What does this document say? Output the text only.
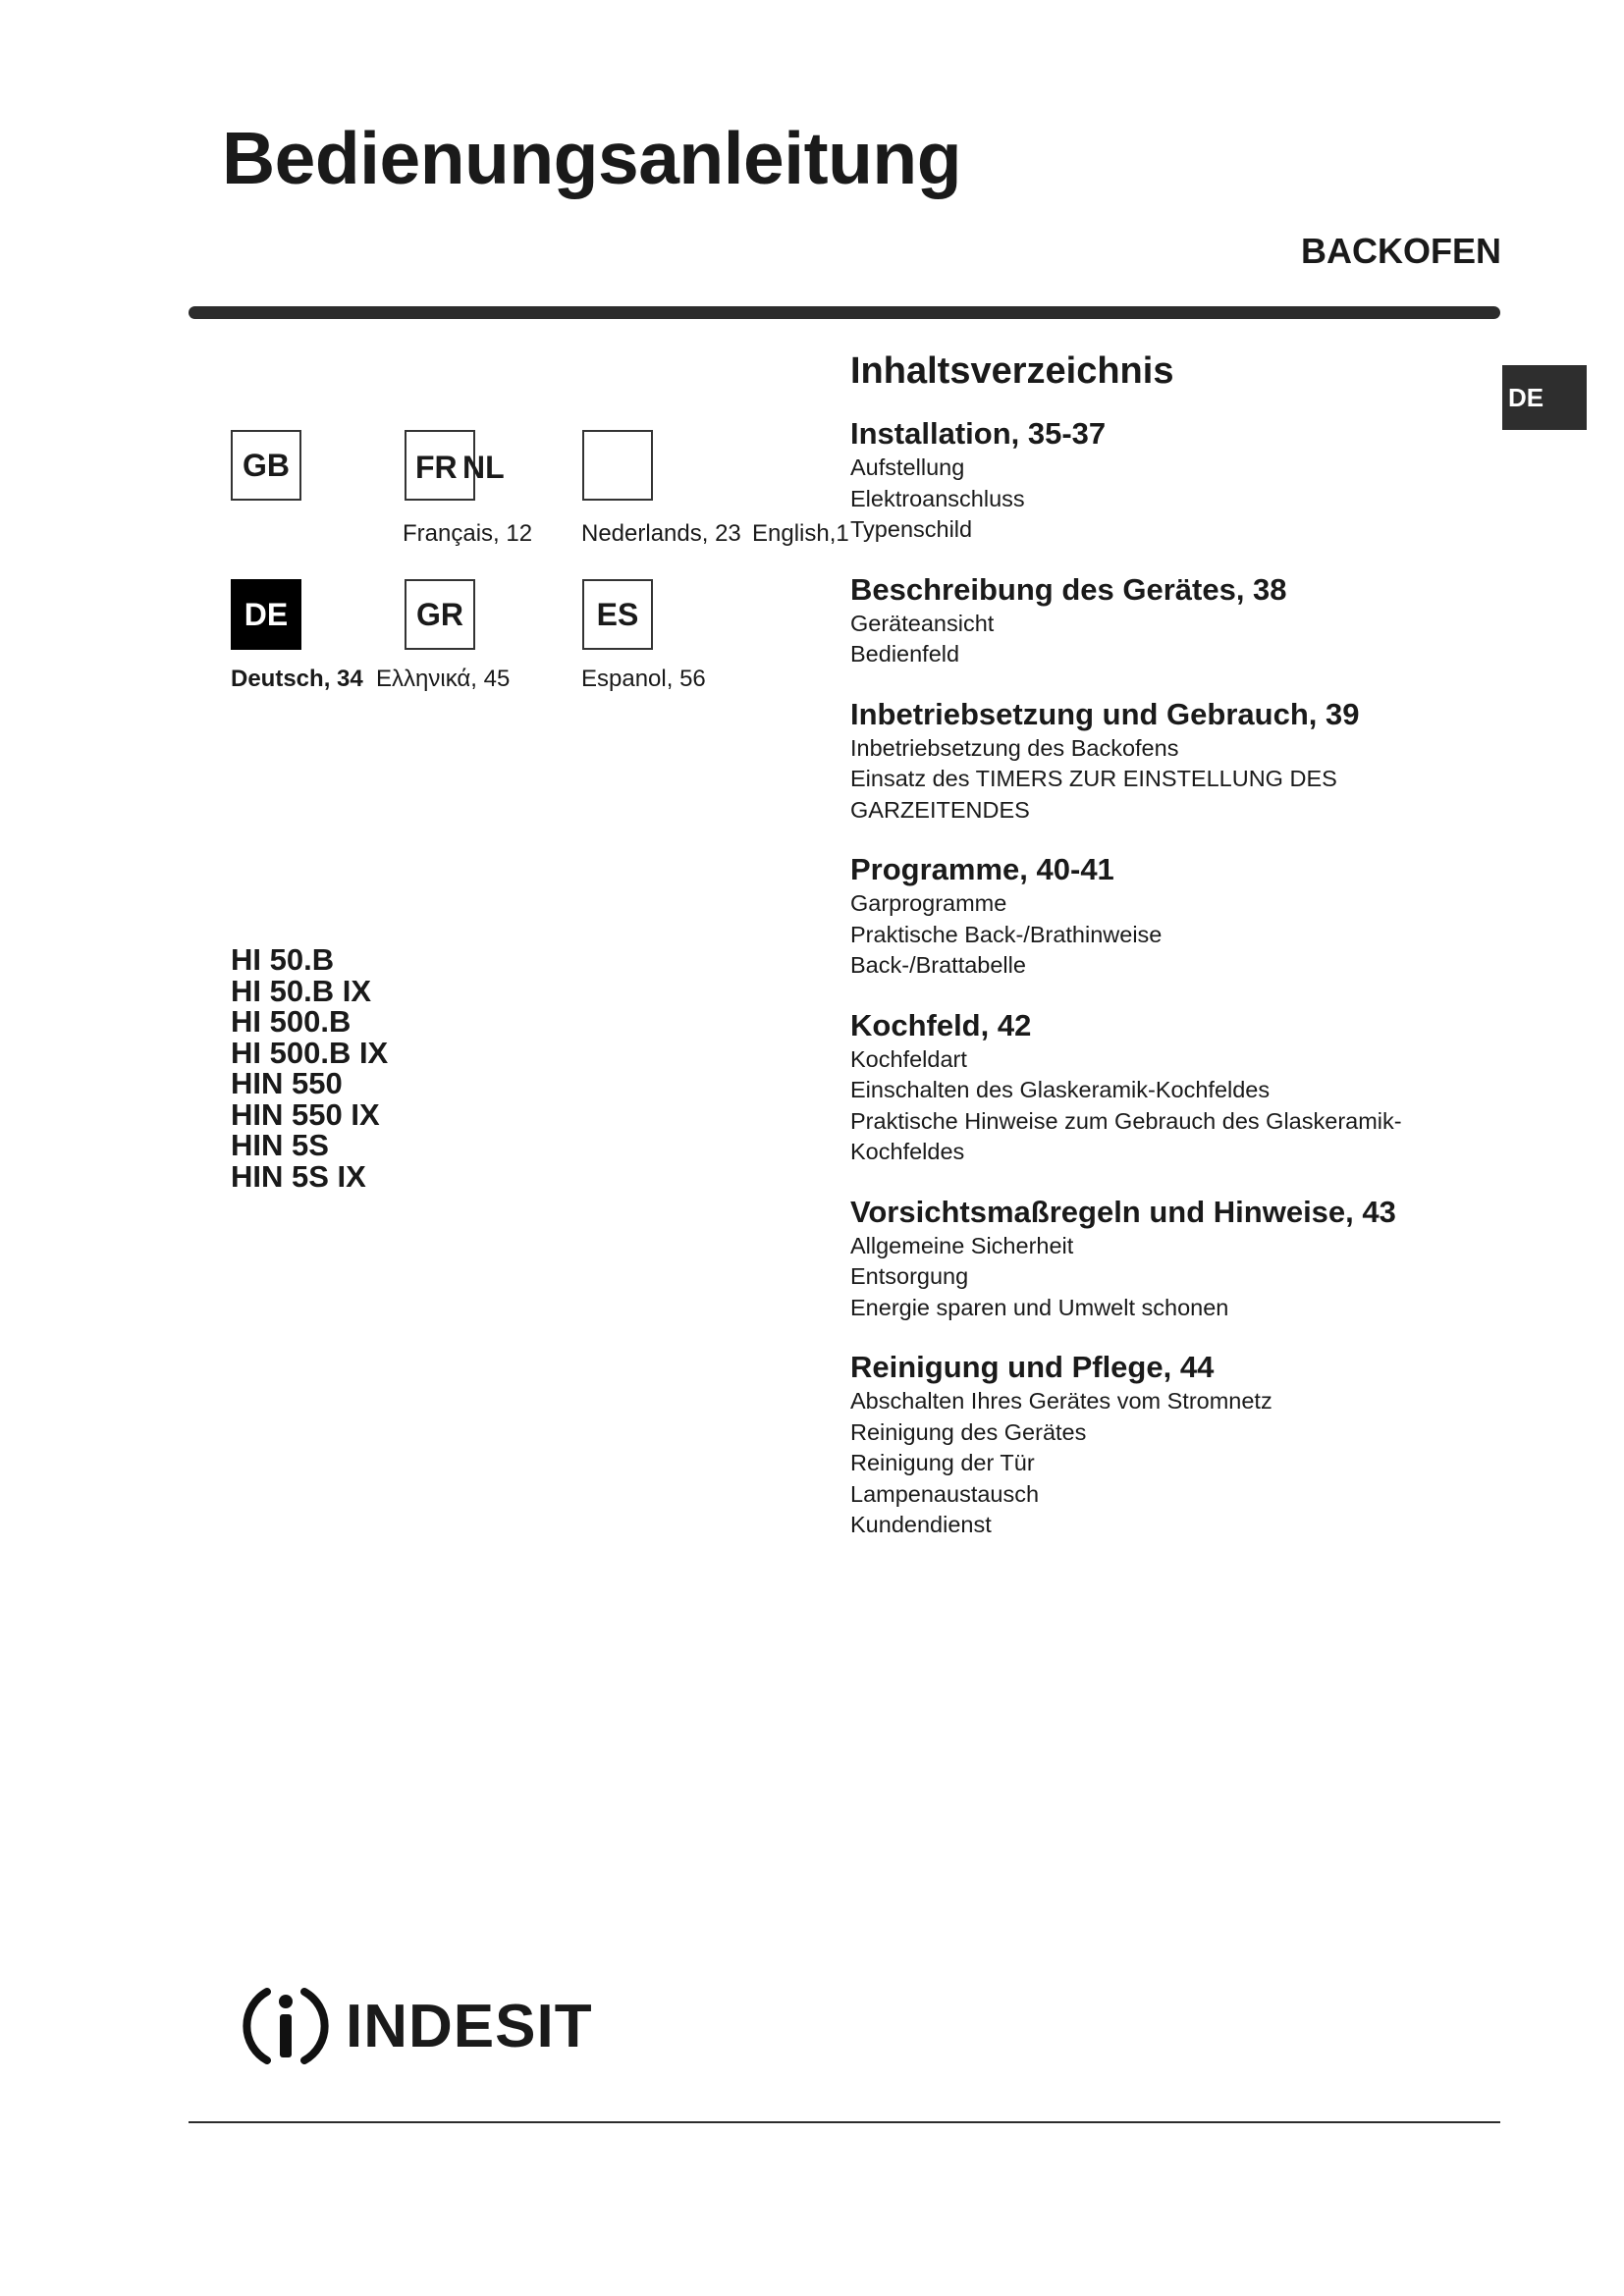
Bedienungsanleitung
BACKOFEN
DE
GB	FR NL
Français, 12 Nederlands, 23 English,1
DE	GR	ES
Deutsch, 34 Ελληνικά, 45	Espanol, 56
HI 50.B
HI 50.B IX
HI 500.B
HI 500.B IX
HIN 550
HIN 550 IX
HIN 5S
HIN 5S IX
Inhaltsverzeichnis
Installation, 35-37
Aufstellung
Elektroanschluss
Typenschild
Beschreibung des Gerätes, 38
Geräteansicht
Bedienfeld
Inbetriebsetzung und Gebrauch, 39
Inbetriebsetzung des Backofens
Einsatz des TIMERS ZUR EINSTELLUNG DES GARZEITENDES
Programme, 40-41
Garprogramme
Praktische Back-/Brathinweise
Back-/Brattabelle
Kochfeld, 42
Kochfeldart
Einschalten des Glaskeramik-Kochfeldes
Praktische Hinweise zum Gebrauch des Glaskeramik-Kochfeldes
Vorsichtsmaßregeln und Hinweise, 43
Allgemeine Sicherheit
Entsorgung
Energie sparen und Umwelt schonen
Reinigung und Pflege, 44
Abschalten Ihres Gerätes vom Stromnetz
Reinigung des Gerätes
Reinigung der Tür
Lampenaustausch
Kundendienst
INDESIT
